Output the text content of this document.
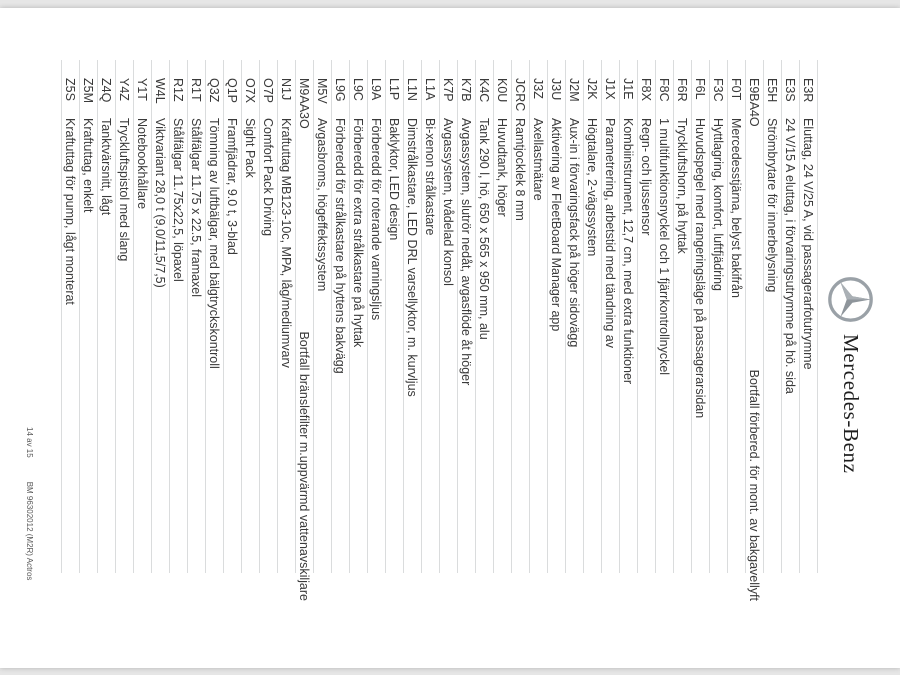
Mercedes-Benz
E3R
Eluttag, 24 V/25 A, vid passagerarfotutrymme
E3S
24 V/15 A eluttag, i förvaringsutrymme på hö. sida
E5H
Strömbrytare för innerbelysning
E9BA4O
Bortfall förbered. för mont. av bakgavellyft
F0T
Mercedesstjärna, belyst bakifrån
F3C
Hyttlagring, komfort, luftfjädring
F6L
Huvudspegel med rangeringsläge på passagerarsidan
F6R
Tryckluftshorn, på hyttak
F8C
1 multifunktionsnyckel och 1 fjärrkontrollnyckel
F8X
Regn- och ljussensor
J1E
Kombiinstrument, 12,7 cm, med extra funktioner
J1X
Parametrering, arbetstid med tändning av
J2K
Högtalare, 2-vägssystem
J2M
Aux-in i förvaringsfack på höger sidovägg
J3U
Aktivering av FleetBoard Manager app
J3Z
Axellastmätare
JCRC
Ramtjocklek 8 mm
K0U
Huvudtank, höger
K4C
Tank 290 l, hö, 650 x 565 x 950 mm, alu
K7B
Avgassystem, slutrör nedåt, avgasflöde åt höger
K7P
Avgassystem, tvådelad konsol
L1A
Bi-xenon strålkastare
L1N
Dimstrålkastare, LED DRL varsellyktor, m. kurvljus
L1P
Baklyktor, LED design
L9A
Förberedd för roterande varningsljus
L9C
Förberedd för extra strålkastare på hyttak
L9G
Förberedd för strålkastare på hyttens bakvägg
M5V
Avgasbroms, högeffektssystem
M9AA3O
Bortfall bränslefilter m.uppvärmd vattenavskiljare
N1J
Kraftuttag MB123-10c, MPA, låg/mediumvarv
O7P
Comfort Pack Driving
O7X
Sight Pack
Q1P
Framfjädrar, 9.0 t, 3-blad
Q3Z
Tömning av luftbälgar, med bälgtryckskontroll
R1T
Stålfälgar 11.75 x 22.5, framaxel
R1Z
Stålfälgar 11.75x22,5, löpaxel
W4L
Viktvariant 28,0 t (9,0/11,5/7,5)
Y1T
Notebookhållare
Y4Z
Tryckluftspistol med slang
Z4Q
Tanktvärsnitt, lågt
Z5M
Kraftuttag, enkelt
Z5S
Kraftuttag för pump, lågt monterat
14 av 15
BM 96302012 (M2R) Actros
